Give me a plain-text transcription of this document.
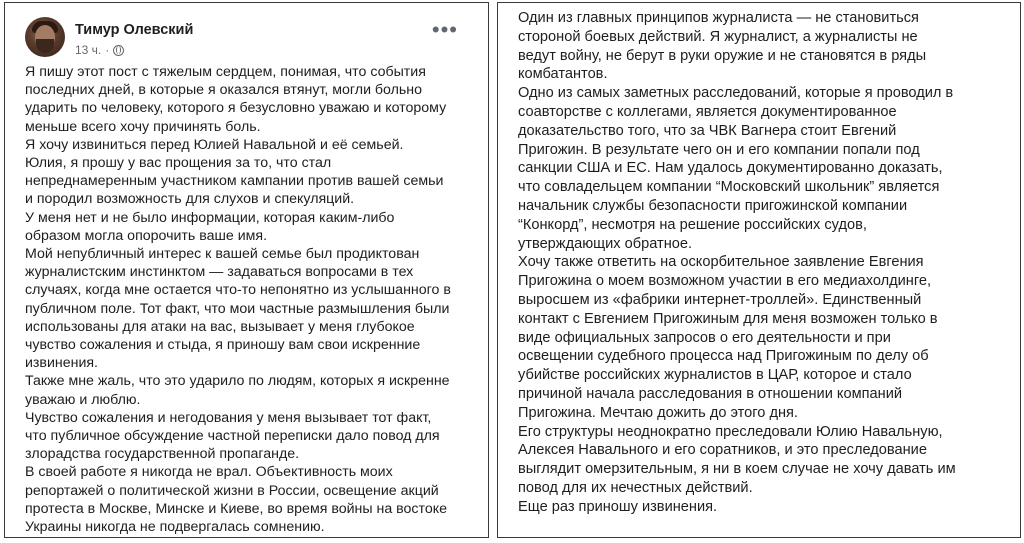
Тимур Олевский
13 ч. ·
•••

Я пишу этот пост с тяжелым сердцем, понимая, что события

последних дней, в которые я оказался втянут, могли больно

ударить по человеку, которого я безусловно уважаю и которому

меньше всего хочу причинять боль.

Я хочу извиниться перед Юлией Навальной и её семьей.

Юлия, я прошу у вас прощения за то, что стал

непреднамеренным участником кампании против вашей семьи

и породил возможность для слухов и спекуляций.

У меня нет и не было информации, которая каким-либо

образом могла опорочить ваше имя.

Мой непубличный интерес к вашей семье был продиктован

журналистским инстинктом — задаваться вопросами в тех

случаях, когда мне остается что-то непонятно из услышанного в

публичном поле. Тот факт, что мои частные размышления были

использованы для атаки на вас, вызывает у меня глубокое

чувство сожаления и стыда, я приношу вам свои искренние

извинения.

Также мне жаль, что это ударило по людям, которых я искренне

уважаю и люблю.

Чувство сожаления и негодования у меня вызывает тот факт,

что публичное обсуждение частной переписки дало повод для

злорадства государственной пропаганде.

В своей работе я никогда не врал. Объективность моих

репортажей о политической жизни в России, освещение акций

протеста в Москве, Минске и Киеве, во время войны на востоке

Украины никогда не подвергалась сомнению.

Один из главных принципов журналиста — не становиться

стороной боевых действий. Я журналист, а журналисты не

ведут войну, не берут в руки оружие и не становятся в ряды

комбатантов.

Одно из самых заметных расследований, которые я проводил в

соавторстве с коллегами, является документированное

доказательство того, что за ЧВК Вагнера стоит Евгений

Пригожин. В результате чего он и его компании попали под

санкции США и ЕС. Нам удалось документированно доказать,

что совладельцем компании “Московский школьник” является

начальник службы безопасности пригожинской компании

“Конкорд”, несмотря на решение российских судов,

утверждающих обратное.

Хочу также ответить на оскорбительное заявление Евгения

Пригожина о моем возможном участии в его медиахолдинге,

выросшем из «фабрики интернет-троллей». Единственный

контакт с Евгением Пригожиным для меня возможен только в

виде официальных запросов о его деятельности и при

освещении судебного процесса над Пригожиным по делу об

убийстве российских журналистов в ЦАР, которое и стало

причиной начала расследования в отношении компаний

Пригожина. Мечтаю дожить до этого дня.

Его структуры неоднократно преследовали Юлию Навальную,

Алексея Навального и его соратников, и это преследование

выглядит омерзительным, я ни в коем случае не хочу давать им

повод для их нечестных действий.

Еще раз приношу извинения.
